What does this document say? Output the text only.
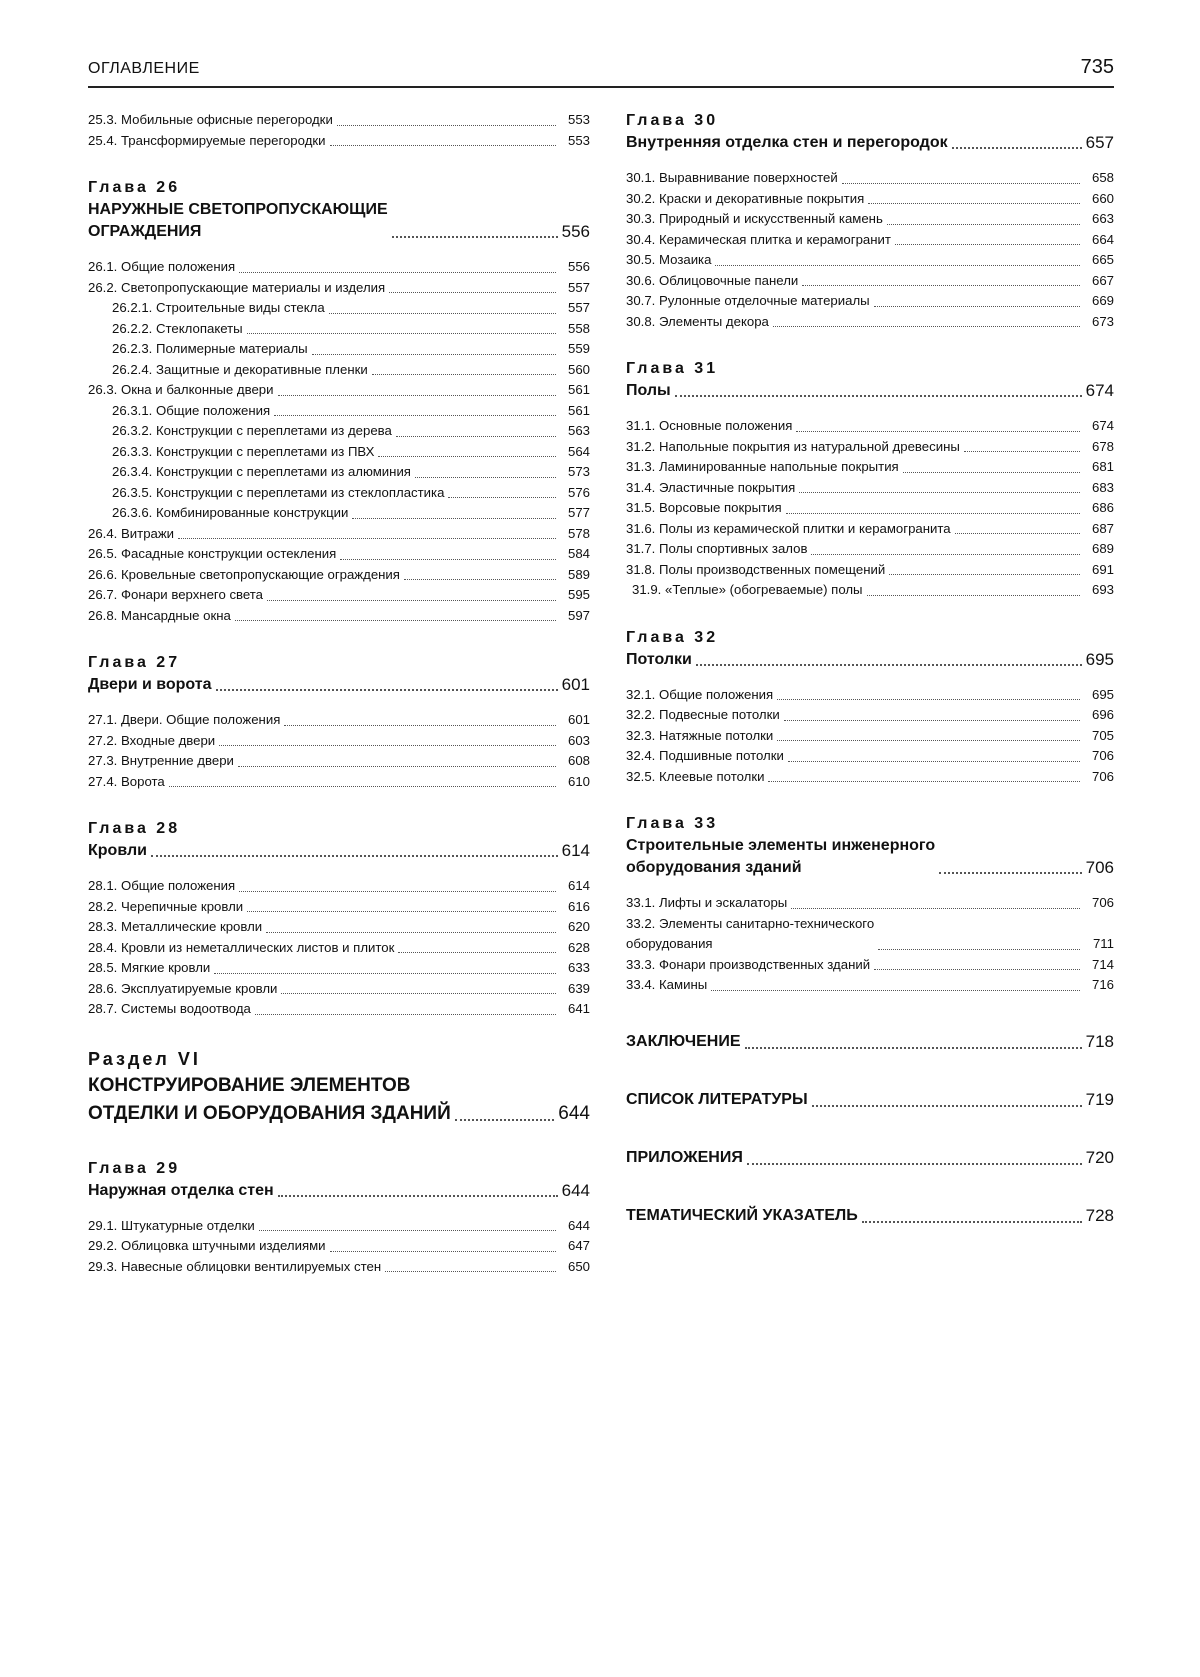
ОГЛАВЛЕНИЕ	735
25.3. Мобильные офисные перегородки	553
25.4. Трансформируемые перегородки	553
Глава 26
НАРУЖНЫЕ СВЕТОПРОПУСКАЮЩИЕ
ОГРАЖДЕНИЯ	556
26.1. Общие положения	556
26.2. Светопропускающие материалы и изделия	557
26.2.1. Строительные виды стекла	557
26.2.2. Стеклопакеты	558
26.2.3. Полимерные материалы	559
26.2.4. Защитные и декоративные пленки	560
26.3. Окна и балконные двери	561
26.3.1. Общие положения	561
26.3.2. Конструкции с переплетами из дерева	563
26.3.3. Конструкции с переплетами из ПВХ	564
26.3.4. Конструкции с переплетами из алюминия	573
26.3.5. Конструкции с переплетами из стеклопластика	576
26.3.6. Комбинированные конструкции	577
26.4. Витражи	578
26.5. Фасадные конструкции остекления	584
26.6. Кровельные светопропускающие ограждения	589
26.7. Фонари верхнего света	595
26.8. Мансардные окна	597
Глава 27
Двери и ворота	601
27.1. Двери. Общие положения	601
27.2. Входные двери	603
27.3. Внутренние двери	608
27.4. Ворота	610
Глава 28
Кровли	614
28.1. Общие положения	614
28.2. Черепичные кровли	616
28.3. Металлические кровли	620
28.4. Кровли из неметаллических листов и плиток	628
28.5. Мягкие кровли	633
28.6. Эксплуатируемые кровли	639
28.7. Системы водоотвода	641
Раздел VI
КОНСТРУИРОВАНИЕ ЭЛЕМЕНТОВ
ОТДЕЛКИ И ОБОРУДОВАНИЯ ЗДАНИЙ	644
Глава 29
Наружная отделка стен	644
29.1. Штукатурные отделки	644
29.2. Облицовка штучными изделиями	647
29.3. Навесные облицовки вентилируемых стен	650
Глава 30
Внутренняя отделка стен и перегородок	657
30.1. Выравнивание поверхностей	658
30.2. Краски и декоративные покрытия	660
30.3. Природный и искусственный камень	663
30.4. Керамическая плитка и керамогранит	664
30.5. Мозаика	665
30.6. Облицовочные панели	667
30.7. Рулонные отделочные материалы	669
30.8. Элементы декора	673
Глава 31
Полы	674
31.1. Основные положения	674
31.2. Напольные покрытия из натуральной древесины	678
31.3. Ламинированные напольные покрытия	681
31.4. Эластичные покрытия	683
31.5. Ворсовые покрытия	686
31.6. Полы из керамической плитки и керамогранита	687
31.7. Полы спортивных залов	689
31.8. Полы производственных помещений	691
31.9. «Теплые» (обогреваемые) полы	693
Глава 32
Потолки	695
32.1. Общие положения	695
32.2. Подвесные потолки	696
32.3. Натяжные потолки	705
32.4. Подшивные потолки	706
32.5. Клеевые потолки	706
Глава 33
Строительные элементы инженерного
оборудования зданий	706
33.1. Лифты и эскалаторы	706
33.2. Элементы санитарно-технического
оборудования	711
33.3. Фонари производственных зданий	714
33.4. Камины	716
ЗАКЛЮЧЕНИЕ	718
СПИСОК ЛИТЕРАТУРЫ	719
ПРИЛОЖЕНИЯ	720
ТЕМАТИЧЕСКИЙ УКАЗАТЕЛЬ	728
